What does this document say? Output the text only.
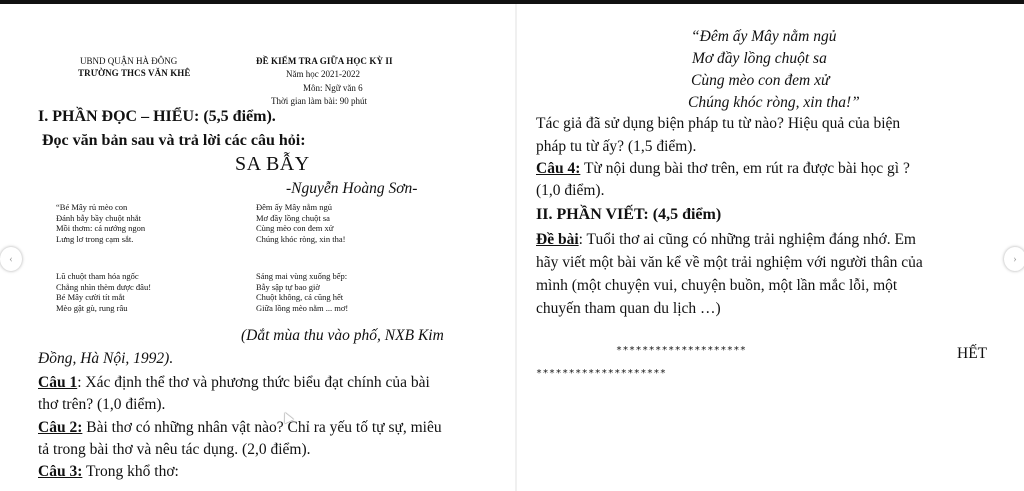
UBND QUẬN HÀ ĐÔNG
TRƯỜNG THCS VĂN KHÊ
ĐỀ KIỂM TRA GIỮA HỌC KỲ II
Năm học 2021-2022
Môn: Ngữ văn 6
Thời gian làm bài: 90 phút
I. PHẦN ĐỌC – HIỂU: (5,5 điểm).
Đọc văn bản sau và trả lời các câu hỏi:
SA BẪY
-Nguyễn Hoàng Sơn-
“Bé Mây rủ mèo con
Đánh bẫy bầy chuột nhắt
Mồi thơm: cá nướng ngon
Lưng lơ trong cạm sắt.
Lũ chuột tham hóa ngốc
Chẳng nhìn thèm được đâu!
Bé Mây cười tít mắt
Mèo gật gù, rung râu
Đêm ấy Mây nằm ngủ
Mơ đầy lồng chuột sa
Cùng mèo con đem xử
Chúng khóc ròng, xin tha!
Sáng mai vùng xuống bếp:
Bẫy sập tự bao giờ
Chuột không, cá cũng hết
Giữa lồng mèo nằm ... mơ!
(Dắt mùa thu vào phố, NXB Kim
Đồng, Hà Nội, 1992).
Câu 1: Xác định thể thơ và phương thức biểu đạt chính của bài
thơ trên? (1,0 điểm).
Câu 2: Bài thơ có những nhân vật nào? Chỉ ra yếu tố tự sự, miêu
tả trong bài thơ và nêu tác dụng. (2,0 điểm).
Câu 3: Trong khổ thơ:
“Đêm ấy Mây nằm ngủ
Mơ đầy lồng chuột sa
Cùng mèo con đem xử
Chúng khóc ròng, xin tha!”
Tác giả đã sử dụng biện pháp tu từ nào? Hiệu quả của biện
pháp tu từ ấy? (1,5 điểm).
Câu 4: Từ nội dung bài thơ trên, em rút ra được bài học gì ?
(1,0 điểm).
II. PHẦN VIẾT: (4,5 điểm)
Đề bài: Tuổi thơ ai cũng có những trải nghiệm đáng nhớ. Em
hãy viết một bài văn kể về một trải nghiệm với người thân của
mình (một chuyện vui, chuyện buồn, một lần mắc lỗi, một
chuyến tham quan du lịch …)
********************	HẾT
********************
‹	›
